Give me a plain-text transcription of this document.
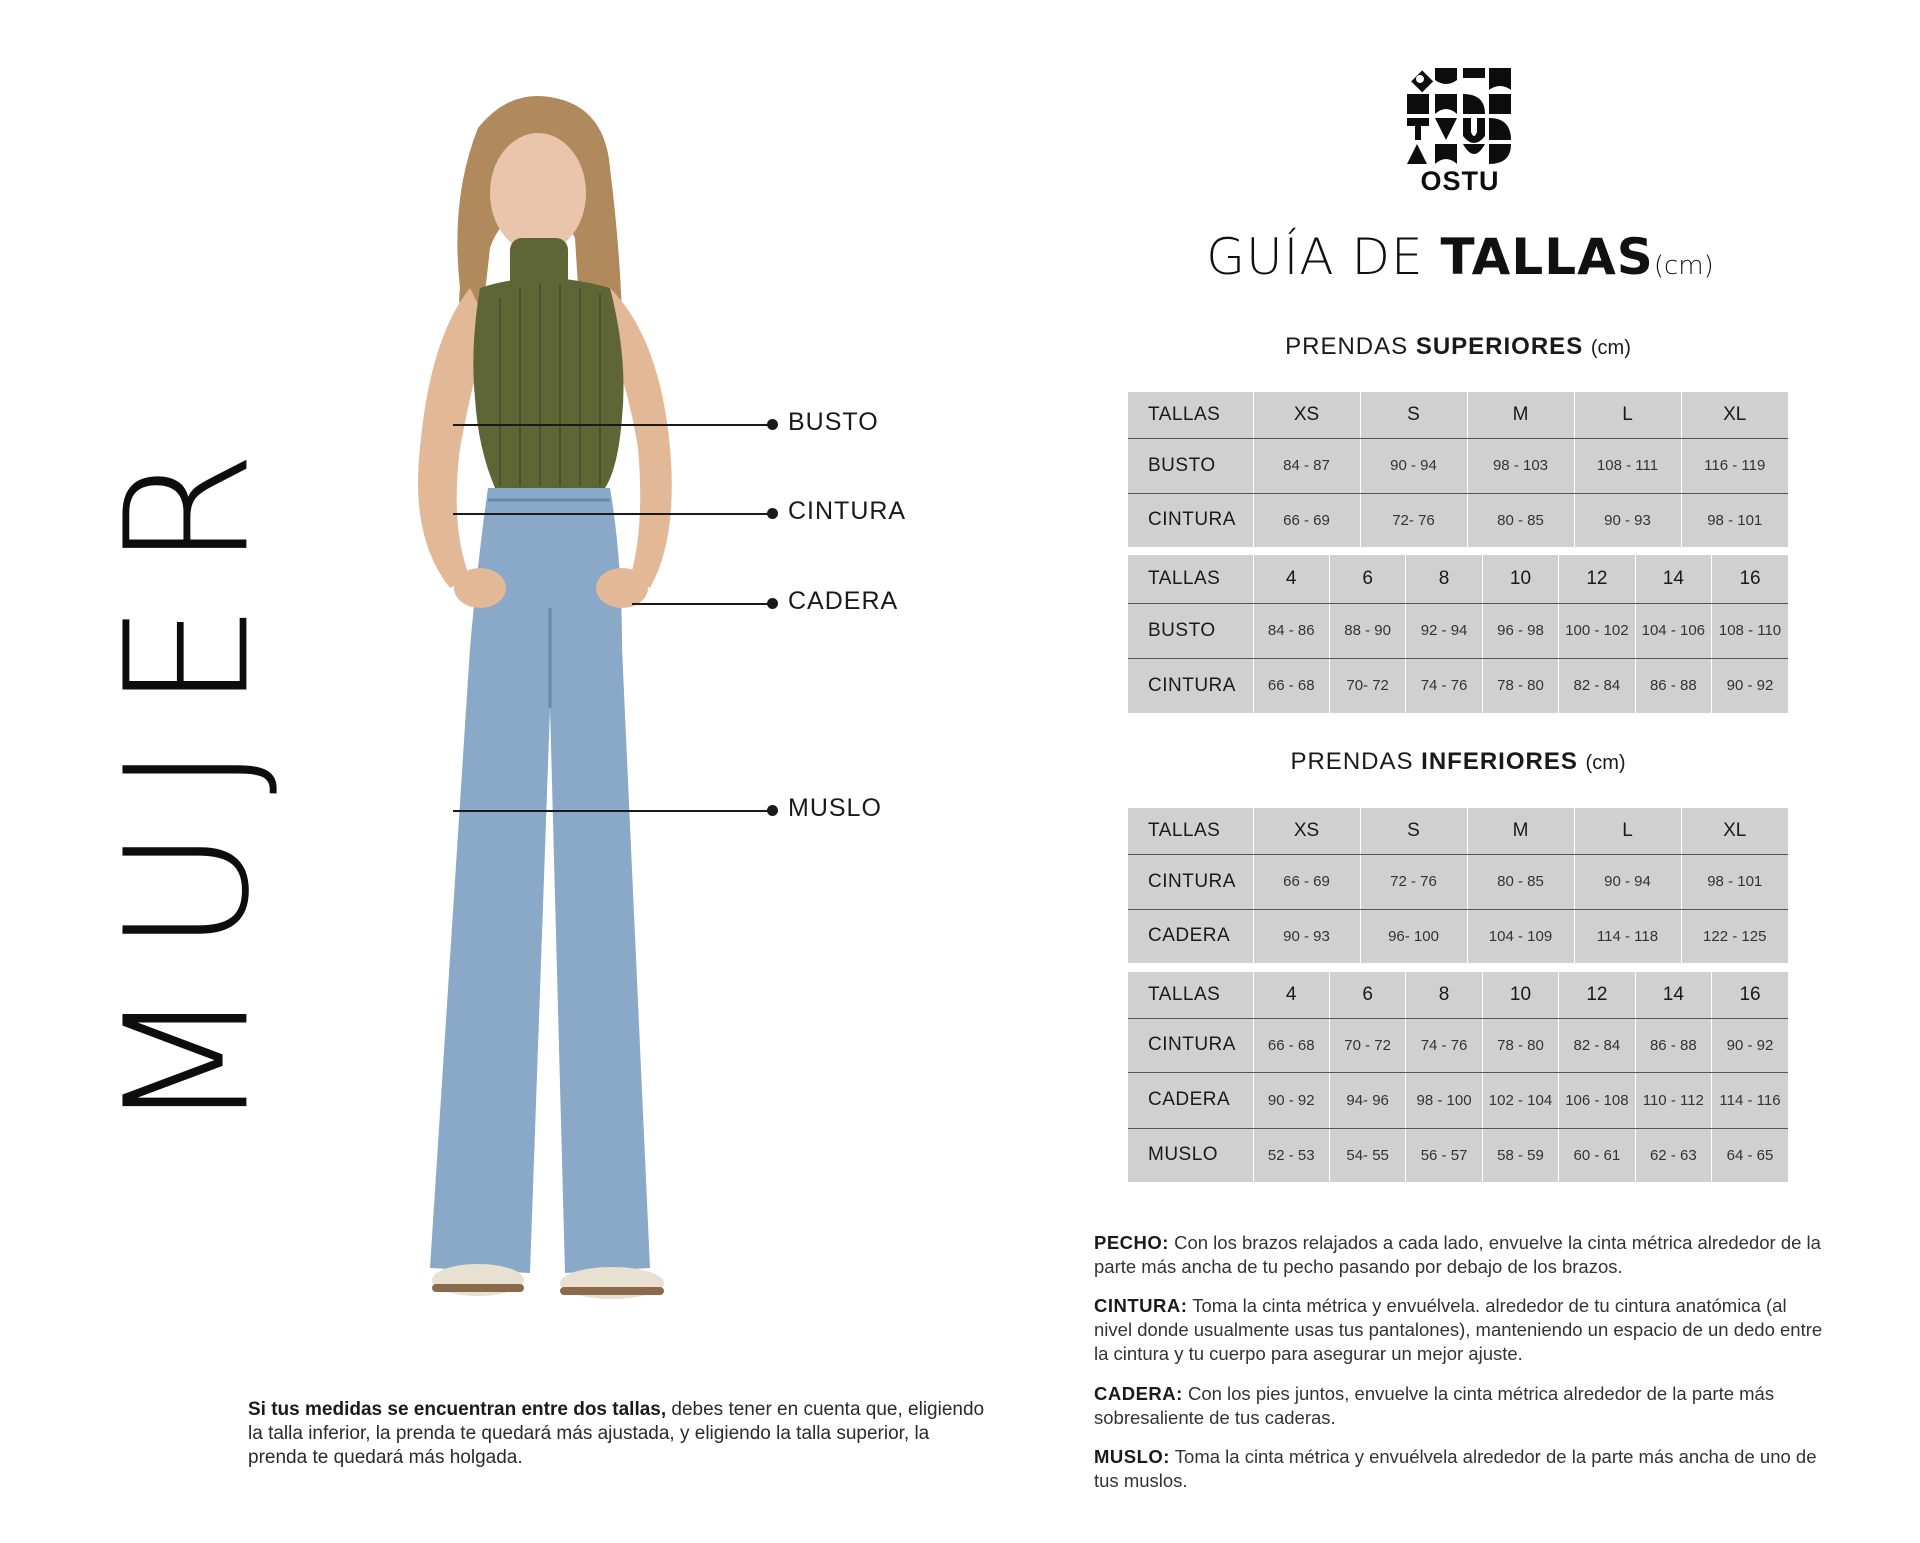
MUJER	BUSTO
CINTURA
CADERA
MUSLO
Si tus medidas se encuentran entre dos tallas, debes tener en cuenta que, eligiendo la talla inferior, la prenda te quedará más ajustada, y eligiendo la talla superior, la prenda te quedará más holgada.
OSTU
GUÍA DE TALLAS(cm)
PRENDAS SUPERIORES (cm)
TALLAS	XS	S	M	L	XL
BUSTO	84 - 87	90 - 94	98 - 103	108 - 111	116 - 119
CINTURA	66 - 69	72- 76	80 - 85	90 - 93	98 - 101
TALLAS	4	6	8	10	12	14	16
BUSTO	84 - 86	88 - 90	92 - 94	96 - 98	100 - 102	104 - 106	108 - 110
CINTURA	66 - 68	70- 72	74 - 76	78 - 80	82 - 84	86 - 88	90 - 92
PRENDAS INFERIORES (cm)
TALLAS	XS	S	M	L	XL
CINTURA	66 - 69	72 - 76	80 - 85	90 - 94	98 - 101
CADERA	90 - 93	96- 100	104 - 109	114 - 118	122 - 125
TALLAS	4	6	8	10	12	14	16
CINTURA	66 - 68	70 - 72	74 - 76	78 - 80	82 - 84	86 - 88	90 - 92
CADERA	90 - 92	94- 96	98 - 100	102 - 104	106 - 108	110 - 112	114 - 116
MUSLO	52 - 53	54- 55	56 - 57	58 - 59	60 - 61	62 - 63	64 - 65
PECHO: Con los brazos relajados a cada lado, envuelve la cinta métrica alrededor de la parte más ancha de tu pecho pasando por debajo de los brazos.
CINTURA: Toma la cinta métrica y envuélvela. alrededor de tu cintura anatómica (al nivel donde usualmente usas tus pantalones), manteniendo un espacio de un dedo entre la cintura y tu cuerpo para asegurar un mejor ajuste.
CADERA: Con los pies juntos, envuelve la cinta métrica alrededor de la parte más sobresaliente de tus caderas.
MUSLO: Toma la cinta métrica y envuélvela alrededor de la parte más ancha de uno de tus muslos.
